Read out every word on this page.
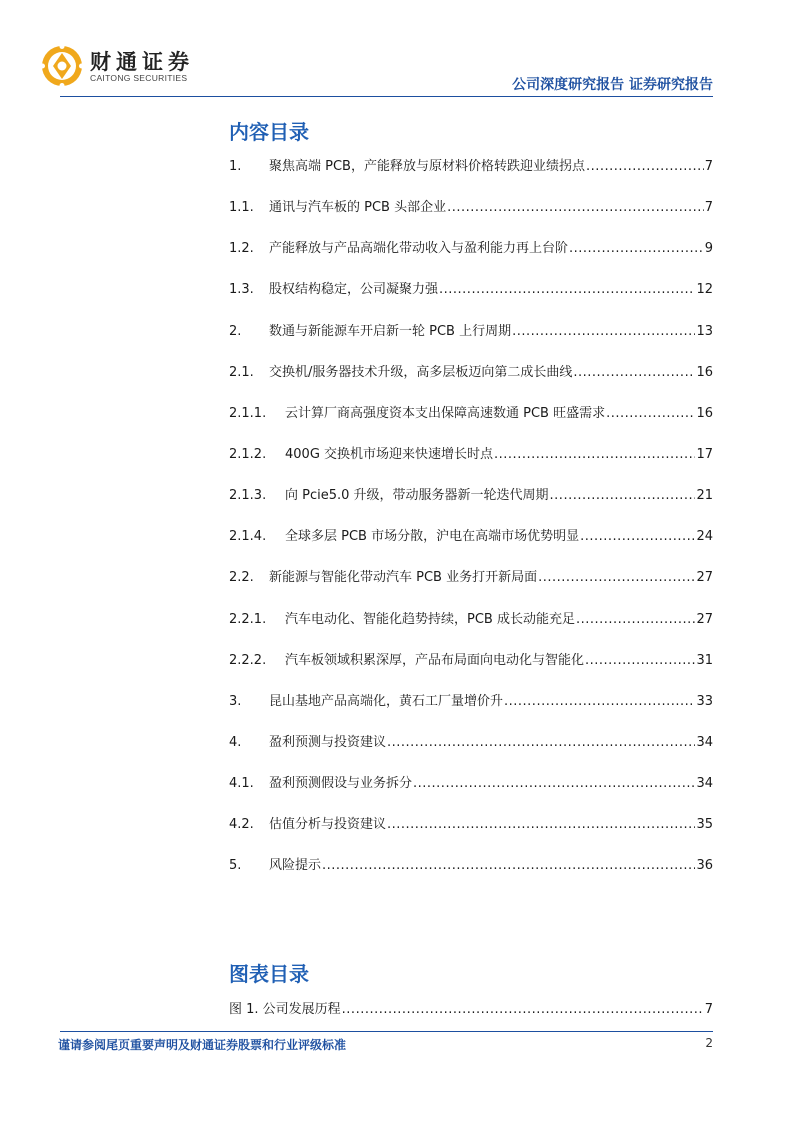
财通证券
CAITONG SECURITIES	公司深度研究报告 证券研究报告
内容目录
1.	聚焦高端 PCB，产能释放与原材料价格转跌迎业绩拐点 .....	7
1.1.	通讯与汽车板的 PCB 头部企业 .....	7
1.2.	产能释放与产品高端化带动收入与盈利能力再上台阶 .....	9
1.3.	股权结构稳定，公司凝聚力强 .....	12
2.	数通与新能源车开启新一轮 PCB 上行周期 .....	13
2.1.	交换机/服务器技术升级，高多层板迈向第二成长曲线 .....	16
2.1.1.	云计算厂商高强度资本支出保障高速数通 PCB 旺盛需求 .....	16
2.1.2.	400G 交换机市场迎来快速增长时点 .....	17
2.1.3.	向 Pcie5.0 升级，带动服务器新一轮迭代周期 .....	21
2.1.4.	全球多层 PCB 市场分散，沪电在高端市场优势明显 .....	24
2.2.	新能源与智能化带动汽车 PCB 业务打开新局面 .....	27
2.2.1.	汽车电动化、智能化趋势持续，PCB 成长动能充足 .....	27
2.2.2.	汽车板领域积累深厚，产品布局面向电动化与智能化 .....	31
3.	昆山基地产品高端化，黄石工厂量增价升 .....	33
4.	盈利预测与投资建议 .....	34
4.1.	盈利预测假设与业务拆分 .....	34
4.2.	估值分析与投资建议 .....	35
5.	风险提示 .....	36
图表目录
图 1. 公司发展历程 .....	7
谨请参阅尾页重要声明及财通证券股票和行业评级标准	2
